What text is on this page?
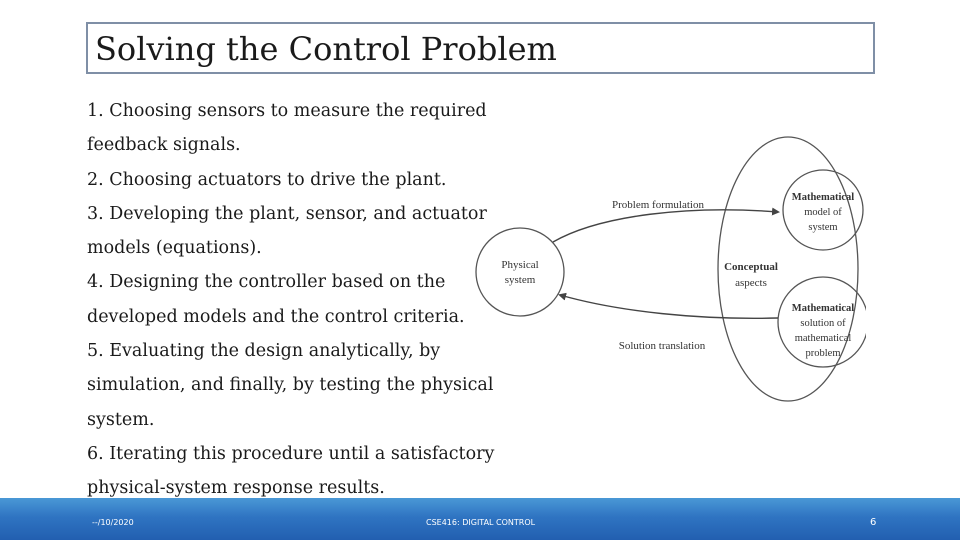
Solving the Control Problem
1. Choosing sensors to measure the required
feedback signals.
2. Choosing actuators to drive the plant.
3. Developing the plant, sensor, and actuator
models (equations).
4. Designing the controller based on the
developed models and the control criteria.
5. Evaluating the design analytically, by
simulation, and finally, by testing the physical
system.
6. Iterating this procedure until a satisfactory
physical-system response results.
Physical
system
Problem formulation
Solution translation
Conceptual
aspects
Mathematical
model of
system
Mathematical
solution of
mathematical
problem
--/10/2020	CSE416: DIGITAL CONTROL	6
